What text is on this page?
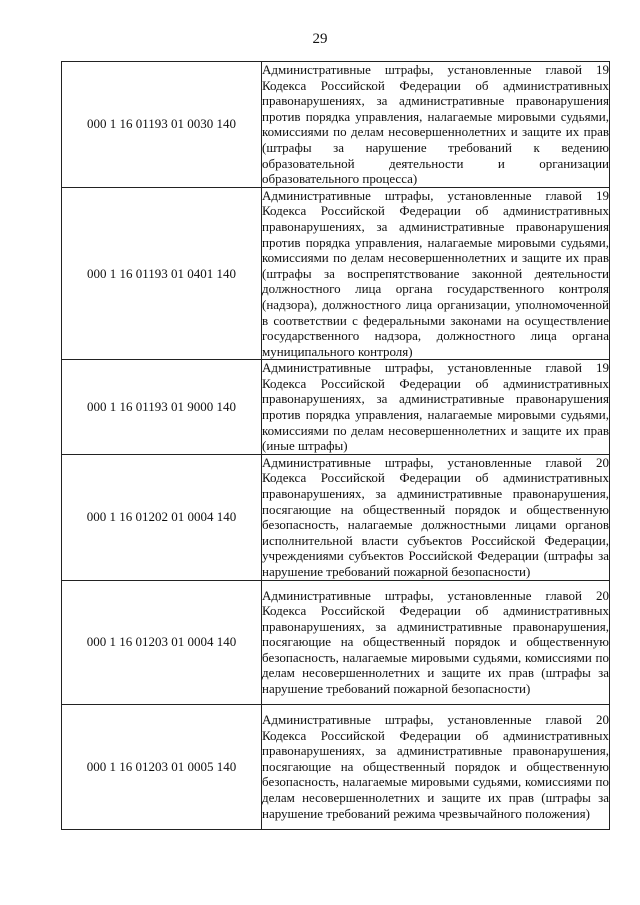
29
000 1 16 01193 01 0030 140	Административные штрафы, установленные главой 19 Кодекса Российской Федерации об административных правонарушениях, за административные правонарушения против порядка управления, налагаемые мировыми судьями, комиссиями по делам несовершеннолетних и защите их прав (штрафы за нарушение требований к ведению образовательной деятельности и организации образовательного процесса)

000 1 16 01193 01 0401 140	Административные штрафы, установленные главой 19 Кодекса Российской Федерации об административных правонарушениях, за административные правонарушения против порядка управления, налагаемые мировыми судьями, комиссиями по делам несовершеннолетних и защите их прав (штрафы за воспрепятствование законной деятельности должностного лица органа государственного контроля (надзора), должностного лица организации, уполномоченной в соответствии с федеральными законами на осуществление государственного надзора, должностного лица органа муниципального контроля)

000 1 16 01193 01 9000 140	Административные штрафы, установленные главой 19 Кодекса Российской Федерации об административных правонарушениях, за административные правонарушения против порядка управления, налагаемые мировыми судьями, комиссиями по делам несовершеннолетних и защите их прав (иные штрафы)

000 1 16 01202 01 0004 140	Административные штрафы, установленные главой 20 Кодекса Российской Федерации об административных правонарушениях, за административные правонарушения, посягающие на общественный порядок и общественную безопасность, налагаемые должностными лицами органов исполнительной власти субъектов Российской Федерации, учреждениями субъектов Российской Федерации (штрафы за нарушение требований пожарной безопасности)

000 1 16 01203 01 0004 140	Административные штрафы, установленные главой 20 Кодекса Российской Федерации об административных правонарушениях, за административные правонарушения, посягающие на общественный порядок и общественную безопасность, налагаемые мировыми судьями, комиссиями по делам несовершеннолетних и защите их прав (штрафы за нарушение требований пожарной безопасности)

000 1 16 01203 01 0005 140	Административные штрафы, установленные главой 20 Кодекса Российской Федерации об административных правонарушениях, за административные правонарушения, посягающие на общественный порядок и общественную безопасность, налагаемые мировыми судьями, комиссиями по делам несовершеннолетних и защите их прав (штрафы за нарушение требований режима чрезвычайного положения)
